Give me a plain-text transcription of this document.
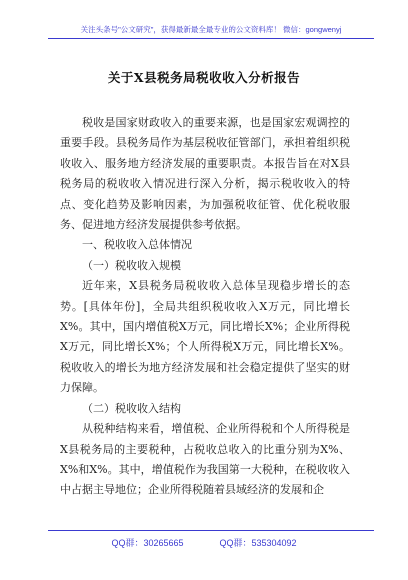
关注头条号"公文研究"，获得最新最全最专业的公文资料库！ 微信：gongwenyj
关于X县税务局税收收入分析报告

税收是国家财政收入的重要来源，也是国家宏观调控的重要手段。县税务局作为基层税收征管部门，承担着组织税收收入、服务地方经济发展的重要职责。本报告旨在对X县税务局的税收收入情况进行深入分析，揭示税收收入的特点、变化趋势及影响因素，为加强税收征管、优化税收服务、促进地方经济发展提供参考依据。

一、税收收入总体情况

（一）税收收入规模

近年来，X县税务局税收收入总体呈现稳步增长的态势。[具体年份]，全局共组织税收收入X万元，同比增长X%。其中，国内增值税X万元，同比增长X%；企业所得税X万元，同比增长X%；个人所得税X万元，同比增长X%。税收收入的增长为地方经济发展和社会稳定提供了坚实的财力保障。

（二）税收收入结构

从税种结构来看，增值税、企业所得税和个人所得税是X县税务局的主要税种，占税收总收入的比重分别为X%、X%和X%。其中，增值税作为我国第一大税种，在税收收入中占据主导地位；企业所得税随着县域经济的发展和企

QQ群：30265665	QQ群：535304092
